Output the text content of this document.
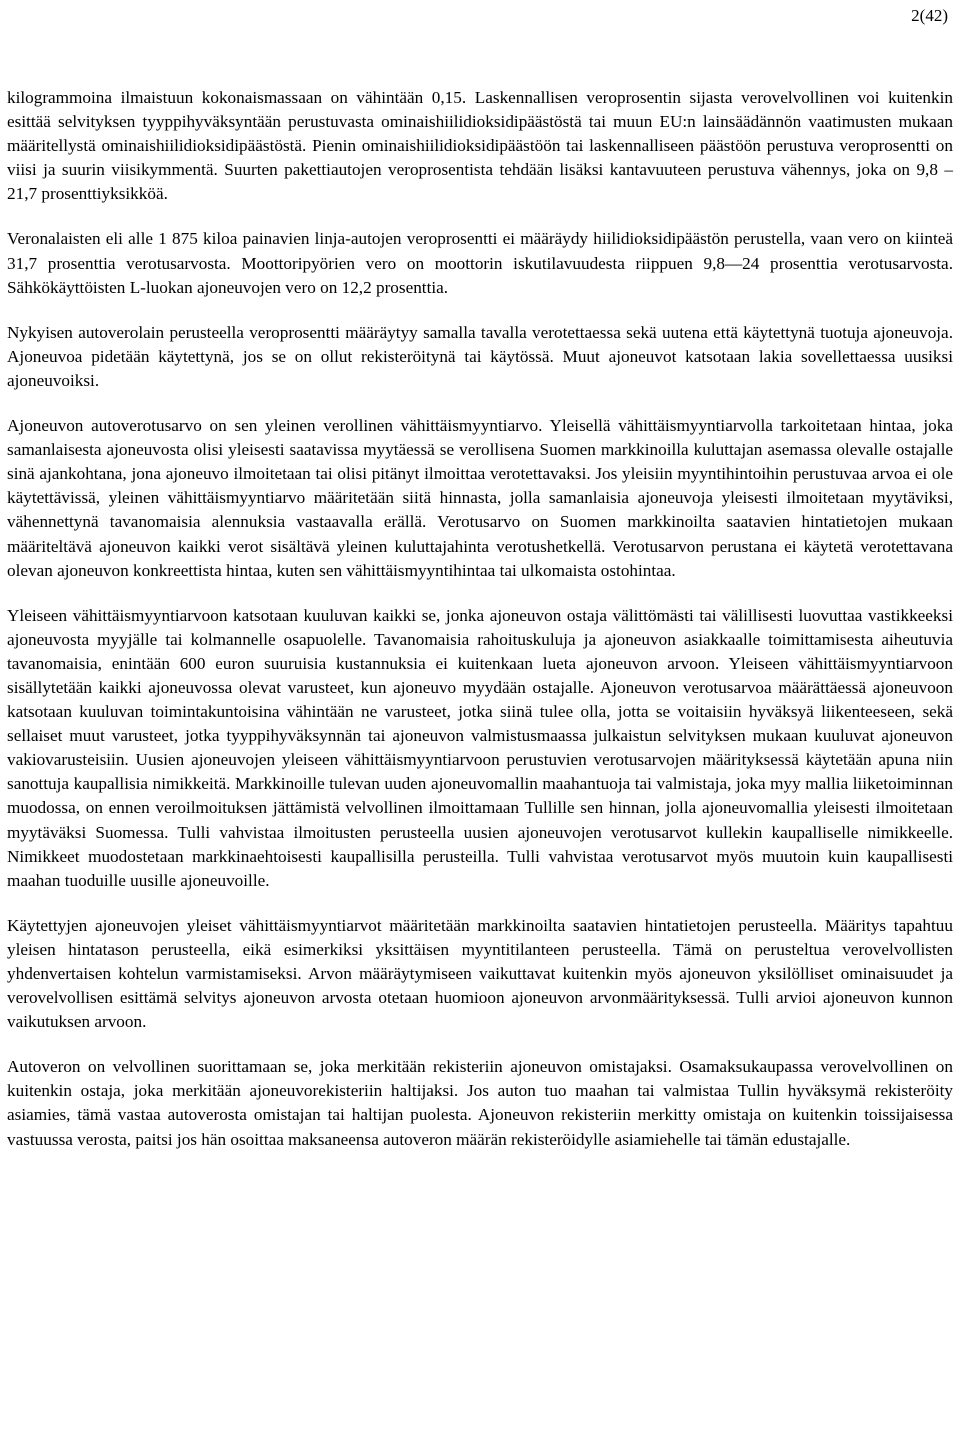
2(42)

kilogrammoina ilmaistuun kokonaismassaan on vähintään 0,15. Laskennallisen veroprosentin sijasta verovelvollinen voi kuitenkin esittää selvityksen tyyppihyväksyntään perustuvasta ominaishiilidioksidipäästöstä tai muun EU:n lainsäädännön vaatimusten mukaan määritellystä ominaishiilidioksidipäästöstä. Pienin ominaishiilidioksidipäästöön tai laskennalliseen päästöön perustuva veroprosentti on viisi ja suurin viisikymmentä. Suurten pakettiautojen veroprosentista tehdään lisäksi kantavuuteen perustuva vähennys, joka on 9,8 – 21,7 prosenttiyksikköä.

Veronalaisten eli alle 1 875 kiloa painavien linja-autojen veroprosentti ei määräydy hiilidioksidipäästön perustella, vaan vero on kiinteä 31,7 prosenttia verotusarvosta. Moottoripyörien vero on moottorin iskutilavuudesta riippuen 9,8—24 prosenttia verotusarvosta. Sähkökäyttöisten L-luokan ajoneuvojen vero on 12,2 prosenttia.

Nykyisen autoverolain perusteella veroprosentti määräytyy samalla tavalla verotettaessa sekä uutena että käytettynä tuotuja ajoneuvoja. Ajoneuvoa pidetään käytettynä, jos se on ollut rekisteröitynä tai käytössä. Muut ajoneuvot katsotaan lakia sovellettaessa uusiksi ajoneuvoiksi.

Ajoneuvon autoverotusarvo on sen yleinen verollinen vähittäismyyntiarvo. Yleisellä vähittäismyyntiarvolla tarkoitetaan hintaa, joka samanlaisesta ajoneuvosta olisi yleisesti saatavissa myytäessä se verollisena Suomen markkinoilla kuluttajan asemassa olevalle ostajalle sinä ajankohtana, jona ajoneuvo ilmoitetaan tai olisi pitänyt ilmoittaa verotettavaksi. Jos yleisiin myyntihintoihin perustuvaa arvoa ei ole käytettävissä, yleinen vähittäismyyntiarvo määritetään siitä hinnasta, jolla samanlaisia ajoneuvoja yleisesti ilmoitetaan myytäviksi, vähennettynä tavanomaisia alennuksia vastaavalla erällä. Verotusarvo on Suomen markkinoilta saatavien hintatietojen mukaan määriteltävä ajoneuvon kaikki verot sisältävä yleinen kuluttajahinta verotushetkellä. Verotusarvon perustana ei käytetä verotettavana olevan ajoneuvon konkreettista hintaa, kuten sen vähittäismyyntihintaa tai ulkomaista ostohintaa.

Yleiseen vähittäismyyntiarvoon katsotaan kuuluvan kaikki se, jonka ajoneuvon ostaja välittömästi tai välillisesti luovuttaa vastikkeeksi ajoneuvosta myyjälle tai kolmannelle osapuolelle. Tavanomaisia rahoituskuluja ja ajoneuvon asiakkaalle toimittamisesta aiheutuvia tavanomaisia, enintään 600 euron suuruisia kustannuksia ei kuitenkaan lueta ajoneuvon arvoon. Yleiseen vähittäismyyntiarvoon sisällytetään kaikki ajoneuvossa olevat varusteet, kun ajoneuvo myydään ostajalle. Ajoneuvon verotusarvoa määrättäessä ajoneuvoon katsotaan kuuluvan toimintakuntoisina vähintään ne varusteet, jotka siinä tulee olla, jotta se voitaisiin hyväksyä liikenteeseen, sekä sellaiset muut varusteet, jotka tyyppihyväksynnän tai ajoneuvon valmistusmaassa julkaistun selvityksen mukaan kuuluvat ajoneuvon vakiovarusteisiin. Uusien ajoneuvojen yleiseen vähittäismyyntiarvoon perustuvien verotusarvojen määrityksessä käytetään apuna niin sanottuja kaupallisia nimikkeitä. Markkinoille tulevan uuden ajoneuvomallin maahantuoja tai valmistaja, joka myy mallia liiketoiminnan muodossa, on ennen veroilmoituksen jättämistä velvollinen ilmoittamaan Tullille sen hinnan, jolla ajoneuvomallia yleisesti ilmoitetaan myytäväksi Suomessa. Tulli vahvistaa ilmoitusten perusteella uusien ajoneuvojen verotusarvot kullekin kaupalliselle nimikkeelle. Nimikkeet muodostetaan markkinaehtoisesti kaupallisilla perusteilla. Tulli vahvistaa verotusarvot myös muutoin kuin kaupallisesti maahan tuoduille uusille ajoneuvoille.

Käytettyjen ajoneuvojen yleiset vähittäismyyntiarvot määritetään markkinoilta saatavien hintatietojen perusteella. Määritys tapahtuu yleisen hintatason perusteella, eikä esimerkiksi yksittäisen myyntitilanteen perusteella. Tämä on perusteltua verovelvollisten yhdenvertaisen kohtelun varmistamiseksi. Arvon määräytymiseen vaikuttavat kuitenkin myös ajoneuvon yksilölliset ominaisuudet ja verovelvollisen esittämä selvitys ajoneuvon arvosta otetaan huomioon ajoneuvon arvonmäärityksessä. Tulli arvioi ajoneuvon kunnon vaikutuksen arvoon.

Autoveron on velvollinen suorittamaan se, joka merkitään rekisteriin ajoneuvon omistajaksi. Osamaksukaupassa verovelvollinen on kuitenkin ostaja, joka merkitään ajoneuvorekisteriin haltijaksi. Jos auton tuo maahan tai valmistaa Tullin hyväksymä rekisteröity asiamies, tämä vastaa autoverosta omistajan tai haltijan puolesta. Ajoneuvon rekisteriin merkitty omistaja on kuitenkin toissijaisessa vastuussa verosta, paitsi jos hän osoittaa maksaneensa autoveron määrän rekisteröidylle asiamiehelle tai tämän edustajalle.
